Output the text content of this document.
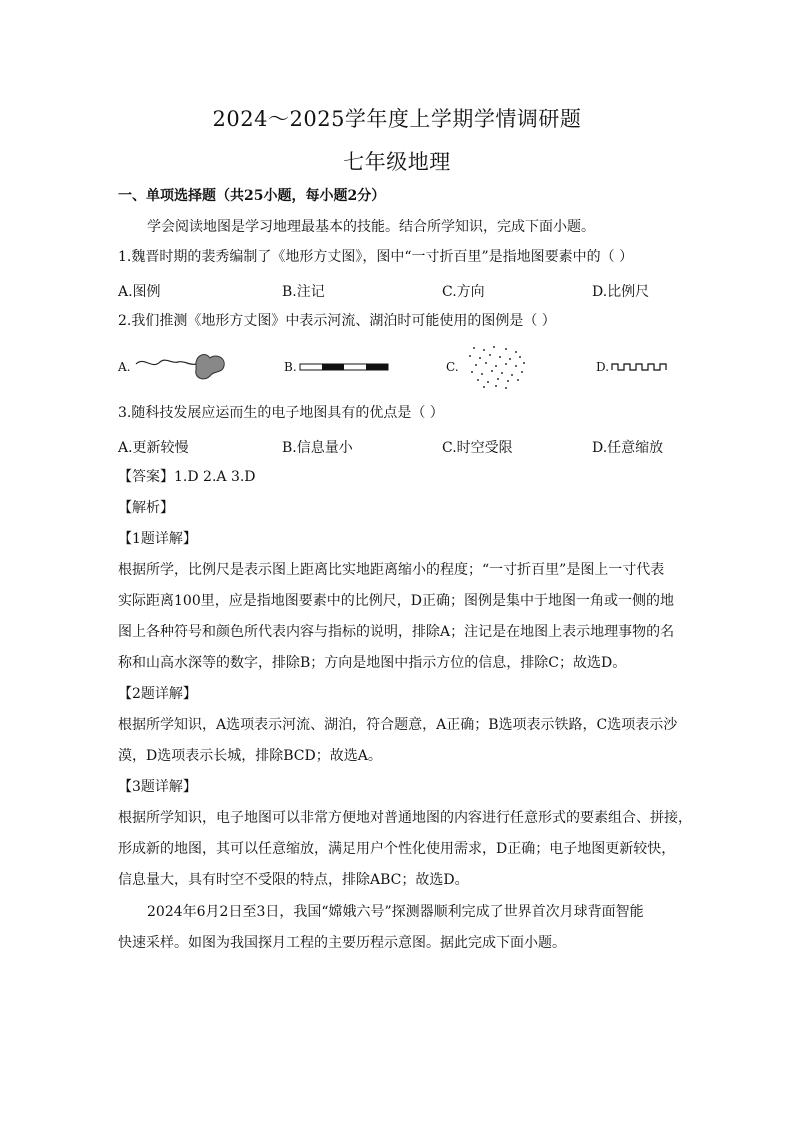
2024～2025学年度上学期学情调研题
七年级地理
一、单项选择题（共25小题，每小题2分）
学会阅读地图是学习地理最基本的技能。结合所学知识，完成下面小题。
1.魏晋时期的裴秀编制了《地形方丈图》，图中“一寸折百里”是指地图要素中的（ ）
A.图例	B.注记	C.方向	D.比例尺
2.我们推测《地形方丈图》中表示河流、湖泊时可能使用的图例是（ ）
A.	B.	C.	D.
3.随科技发展应运而生的电子地图具有的优点是（ ）
A.更新较慢	B.信息量小	C.时空受限	D.任意缩放
【答案】1.D 2.A 3.D
【解析】
【1题详解】
根据所学，比例尺是表示图上距离比实地距离缩小的程度；“一寸折百里”是图上一寸代表
实际距离100里，应是指地图要素中的比例尺，D正确；图例是集中于地图一角或一侧的地
图上各种符号和颜色所代表内容与指标的说明，排除A；注记是在地图上表示地理事物的名
称和山高水深等的数字，排除B；方向是地图中指示方位的信息，排除C；故选D。
【2题详解】
根据所学知识，A选项表示河流、湖泊，符合题意，A正确；B选项表示铁路，C选项表示沙
漠，D选项表示长城，排除BCD；故选A。
【3题详解】
根据所学知识，电子地图可以非常方便地对普通地图的内容进行任意形式的要素组合、拼接，
形成新的地图，其可以任意缩放，满足用户个性化使用需求，D正确；电子地图更新较快，
信息量大，具有时空不受限的特点，排除ABC；故选D。
2024年6月2日至3日，我国“嫦娥六号”探测器顺利完成了世界首次月球背面智能
快速采样。如图为我国探月工程的主要历程示意图。据此完成下面小题。
